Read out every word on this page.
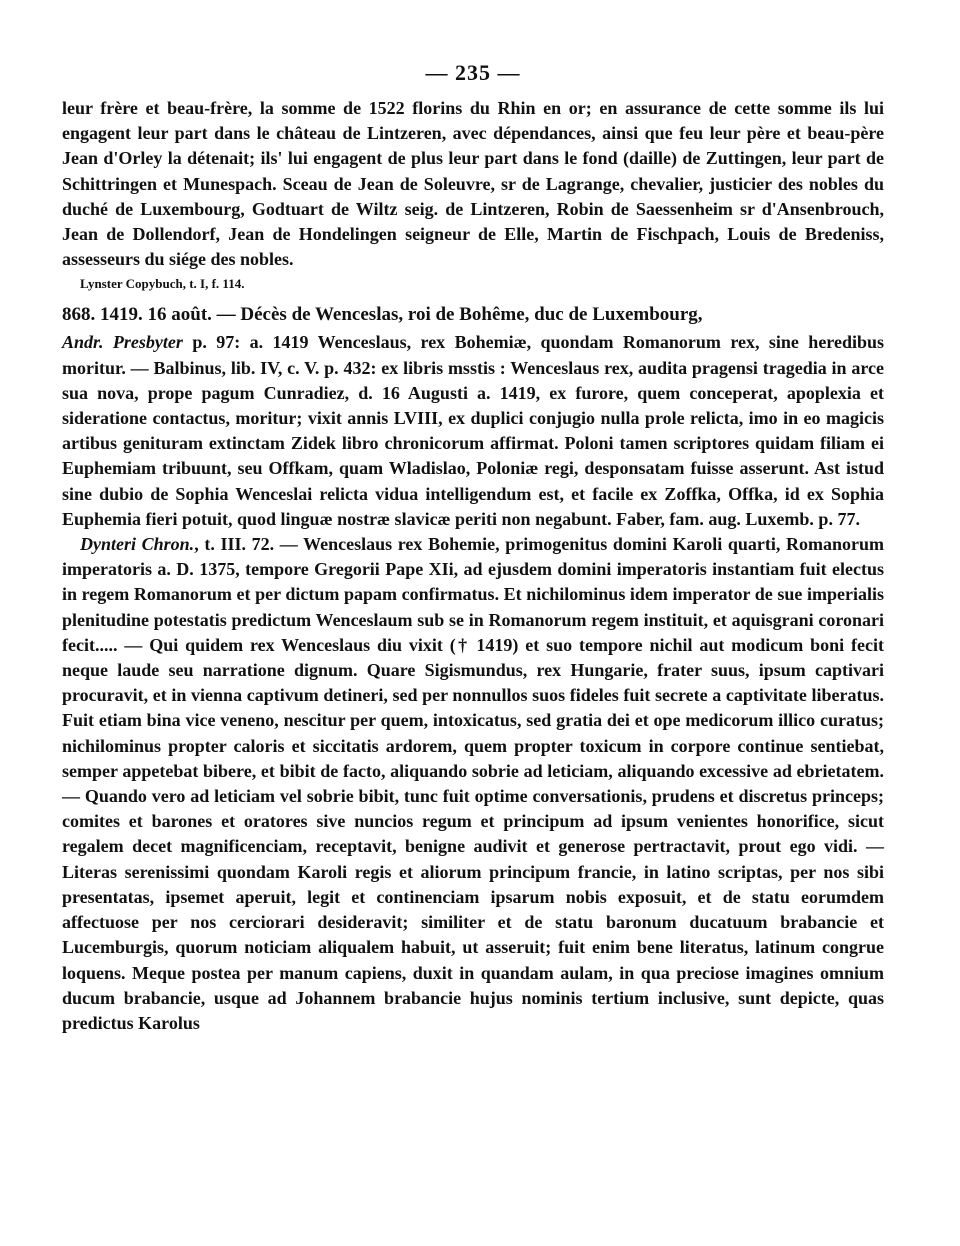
— 235 —

leur frère et beau-frère, la somme de 1522 florins du Rhin en or; en assurance de cette somme ils lui engagent leur part dans le château de Lintzeren, avec dépendances, ainsi que feu leur père et beau-père Jean d'Orley la détenait; ils' lui engagent de plus leur part dans le fond (daille) de Zuttingen, leur part de Schittringen et Munespach. Sceau de Jean de Soleuvre, sr de Lagrange, chevalier, justicier des nobles du duché de Luxembourg, Godtuart de Wiltz seig. de Lintzeren, Robin de Saessenheim sr d'Ansenbrouch, Jean de Dollendorf, Jean de Hondelingen seigneur de Elle, Martin de Fischpach, Louis de Bredeniss, assesseurs du siége des nobles.

Lynster Copybuch, t. I, f. 114.

868. 1419. 16 août. — Décès de Wenceslas, roi de Bohême, duc de Luxembourg,

Andr. Presbyter p. 97: a. 1419 Wenceslaus, rex Bohemiæ, quondam Romanorum rex, sine heredibus moritur. — Balbinus, lib. IV, c. V. p. 432: ex libris msstis : Wenceslaus rex, audita pragensi tragedia in arce sua nova, prope pagum Cunradiez, d. 16 Augusti a. 1419, ex furore, quem conceperat, apoplexia et sideratione contactus, moritur; vixit annis LVIII, ex duplici conjugio nulla prole relicta, imo in eo magicis artibus genituram extinctam Zidek libro chronicorum affirmat. Poloni tamen scriptores quidam filiam ei Euphemiam tribuunt, seu Offkam, quam Wladislao, Poloniæ regi, desponsatam fuisse asserunt. Ast istud sine dubio de Sophia Wenceslai relicta vidua intelligendum est, et facile ex Zoffka, Offka, id ex Sophia Euphemia fieri potuit, quod linguæ nostræ slavicæ periti non negabunt. Faber, fam. aug. Luxemb. p. 77.

Dynteri Chron., t. III. 72. — Wenceslaus rex Bohemie, primogenitus domini Karoli quarti, Romanorum imperatoris a. D. 1375, tempore Gregorii Pape XIi, ad ejusdem domini imperatoris instantiam fuit electus in regem Romanorum et per dictum papam confirmatus. Et nichilominus idem imperator de sue imperialis plenitudine potestatis predictum Wenceslaum sub se in Romanorum regem instituit, et aquisgrani coronari fecit..... — Qui quidem rex Wenceslaus diu vixit († 1419) et suo tempore nichil aut modicum boni fecit neque laude seu narratione dignum. Quare Sigismundus, rex Hungarie, frater suus, ipsum captivari procuravit, et in vienna captivum detineri, sed per nonnullos suos fideles fuit secrete a captivitate liberatus. Fuit etiam bina vice veneno, nescitur per quem, intoxicatus, sed gratia dei et ope medicorum illico curatus; nichilominus propter caloris et siccitatis ardorem, quem propter toxicum in corpore continue sentiebat, semper appetebat bibere, et bibit de facto, aliquando sobrie ad leticiam, aliquando excessive ad ebrietatem. — Quando vero ad leticiam vel sobrie bibit, tunc fuit optime conversationis, prudens et discretus princeps; comites et barones et oratores sive nuncios regum et principum ad ipsum venientes honorifice, sicut regalem decet magnificenciam, receptavit, benigne audivit et generose pertractavit, prout ego vidi. — Literas serenissimi quondam Karoli regis et aliorum principum francie, in latino scriptas, per nos sibi presentatas, ipsemet aperuit, legit et continenciam ipsarum nobis exposuit, et de statu eorumdem affectuose per nos cerciorari desideravit; similiter et de statu baronum ducatuum brabancie et Lucemburgis, quorum noticiam aliqualem habuit, ut asseruit; fuit enim bene literatus, latinum congrue loquens. Meque postea per manum capiens, duxit in quandam aulam, in qua preciose imagines omnium ducum brabancie, usque ad Johannem brabancie hujus nominis tertium inclusive, sunt depicte, quas predictus Karolus
